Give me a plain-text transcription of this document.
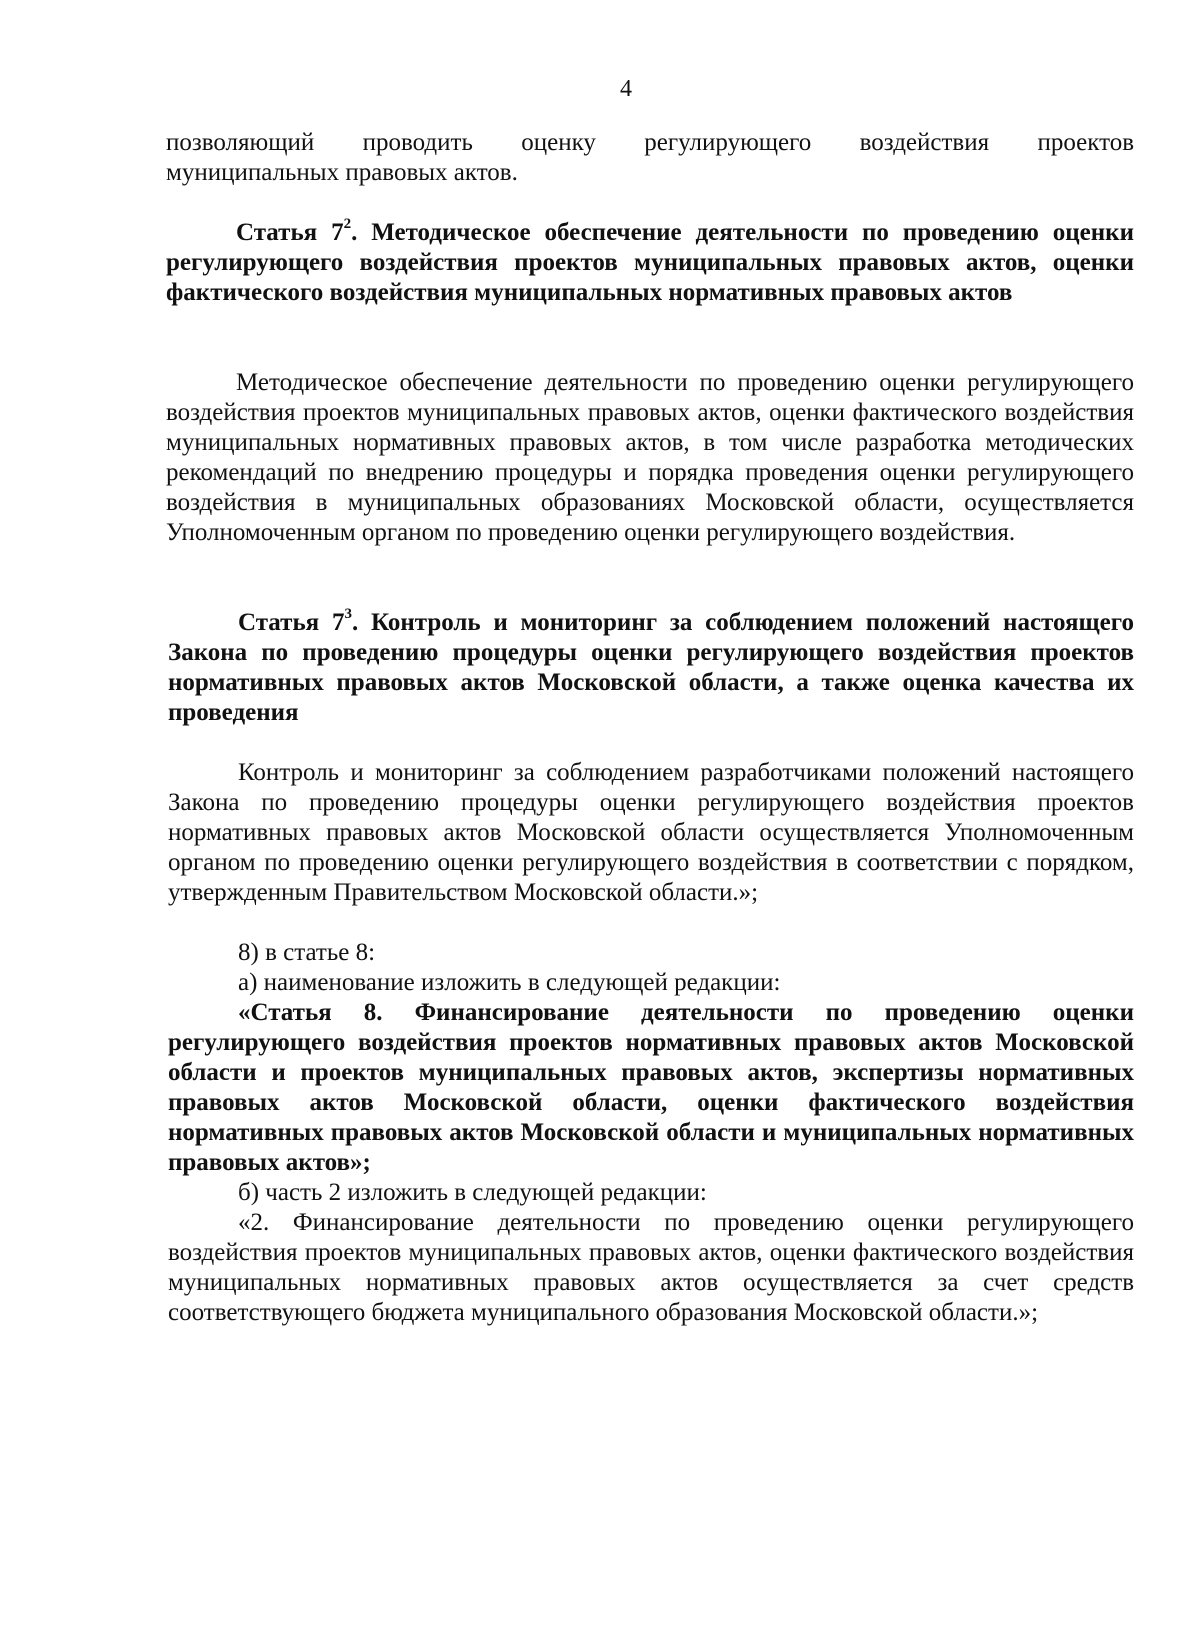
4

позволяющий проводить оценку регулирующего воздействия проектов

муниципальных правовых актов.

Статья $7^2$. Методическое обеспечение деятельности по проведению оценки регулирующего воздействия проектов муниципальных правовых актов, оценки фактического воздействия муниципальных нормативных правовых актов

Методическое обеспечение деятельности по проведению оценки регулирующего воздействия проектов муниципальных правовых актов, оценки фактического воздействия муниципальных нормативных правовых актов, в том числе разработка методических рекомендаций по внедрению процедуры и порядка проведения оценки регулирующего воздействия в муниципальных образованиях Московской области, осуществляется Уполномоченным органом по проведению оценки регулирующего воздействия.

Статья $7^3$. Контроль и мониторинг за соблюдением положений настоящего Закона по проведению процедуры оценки регулирующего воздействия проектов нормативных правовых актов Московской области, а также оценка качества их проведения

Контроль и мониторинг за соблюдением разработчиками положений настоящего Закона по проведению процедуры оценки регулирующего воздействия проектов нормативных правовых актов Московской области осуществляется Уполномоченным органом по проведению оценки регулирующего воздействия в соответствии с порядком, утвержденным Правительством Московской области.»;

8) в статье 8:

а) наименование изложить в следующей редакции:

«Статья 8. Финансирование деятельности по проведению оценки регулирующего воздействия проектов нормативных правовых актов Московской области и проектов муниципальных правовых актов, экспертизы нормативных правовых актов Московской области, оценки фактического воздействия нормативных правовых актов Московской области и муниципальных нормативных правовых актов»;

б) часть 2 изложить в следующей редакции:

«2. Финансирование деятельности по проведению оценки регулирующего воздействия проектов муниципальных правовых актов, оценки фактического воздействия муниципальных нормативных правовых актов осуществляется за счет средств соответствующего бюджета муниципального образования Московской области.»;
